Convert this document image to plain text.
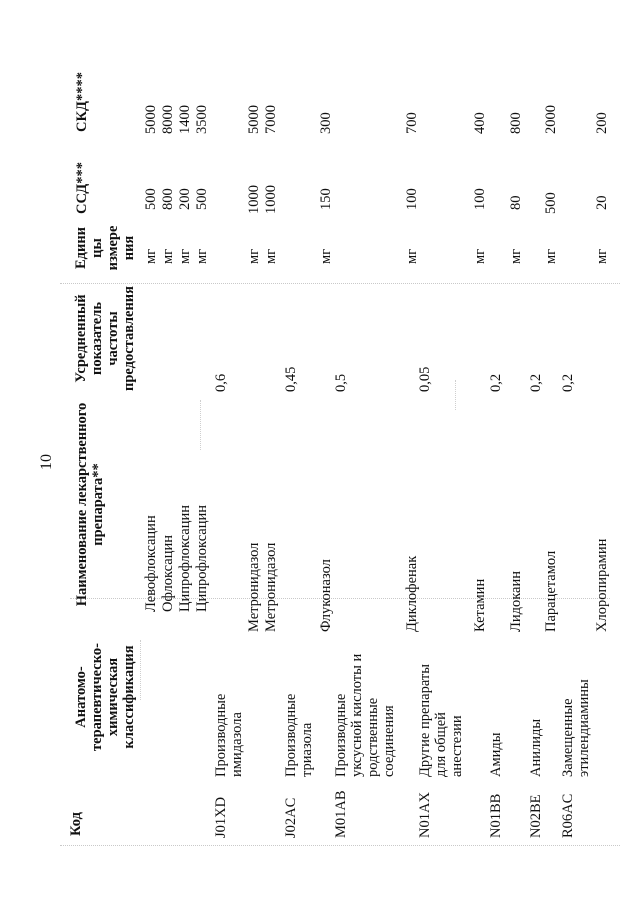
10
Код
Анатомо- терапевтическо- химическая классификация
Наименование лекарственного препарата**
Усредненный показатель частоты предоставления
Едини цы измере ния
ССД***
СКД****
J01XD
Производные имидазола
0,6
Левофлоксацин Офлоксацин Ципрофлоксацин Ципрофлоксацин
мг мг мг мг
500 800 200 500
5000 8000 1400 3500
J02AC
Производные триазола
0,45
Метронидазол Метронидазол
мг мг
1000 1000
5000 7000
M01AB
Производные уксусной кислоты и родственные соединения
0,5
Флуконазол
мг
150
300
N01AX
Другие препараты для общей анестезии
0,05
Диклофенак
мг
100
700
N01BB
Амиды
0,2
Кетамин
мг
100
400
N02BE
Анилиды
0,2
Лидокаин
мг
80
800
R06AC
Замещенные этилендиамины
0,2
Парацетамол
мг
500
2000
Хлоропирамин
мг
20
200
